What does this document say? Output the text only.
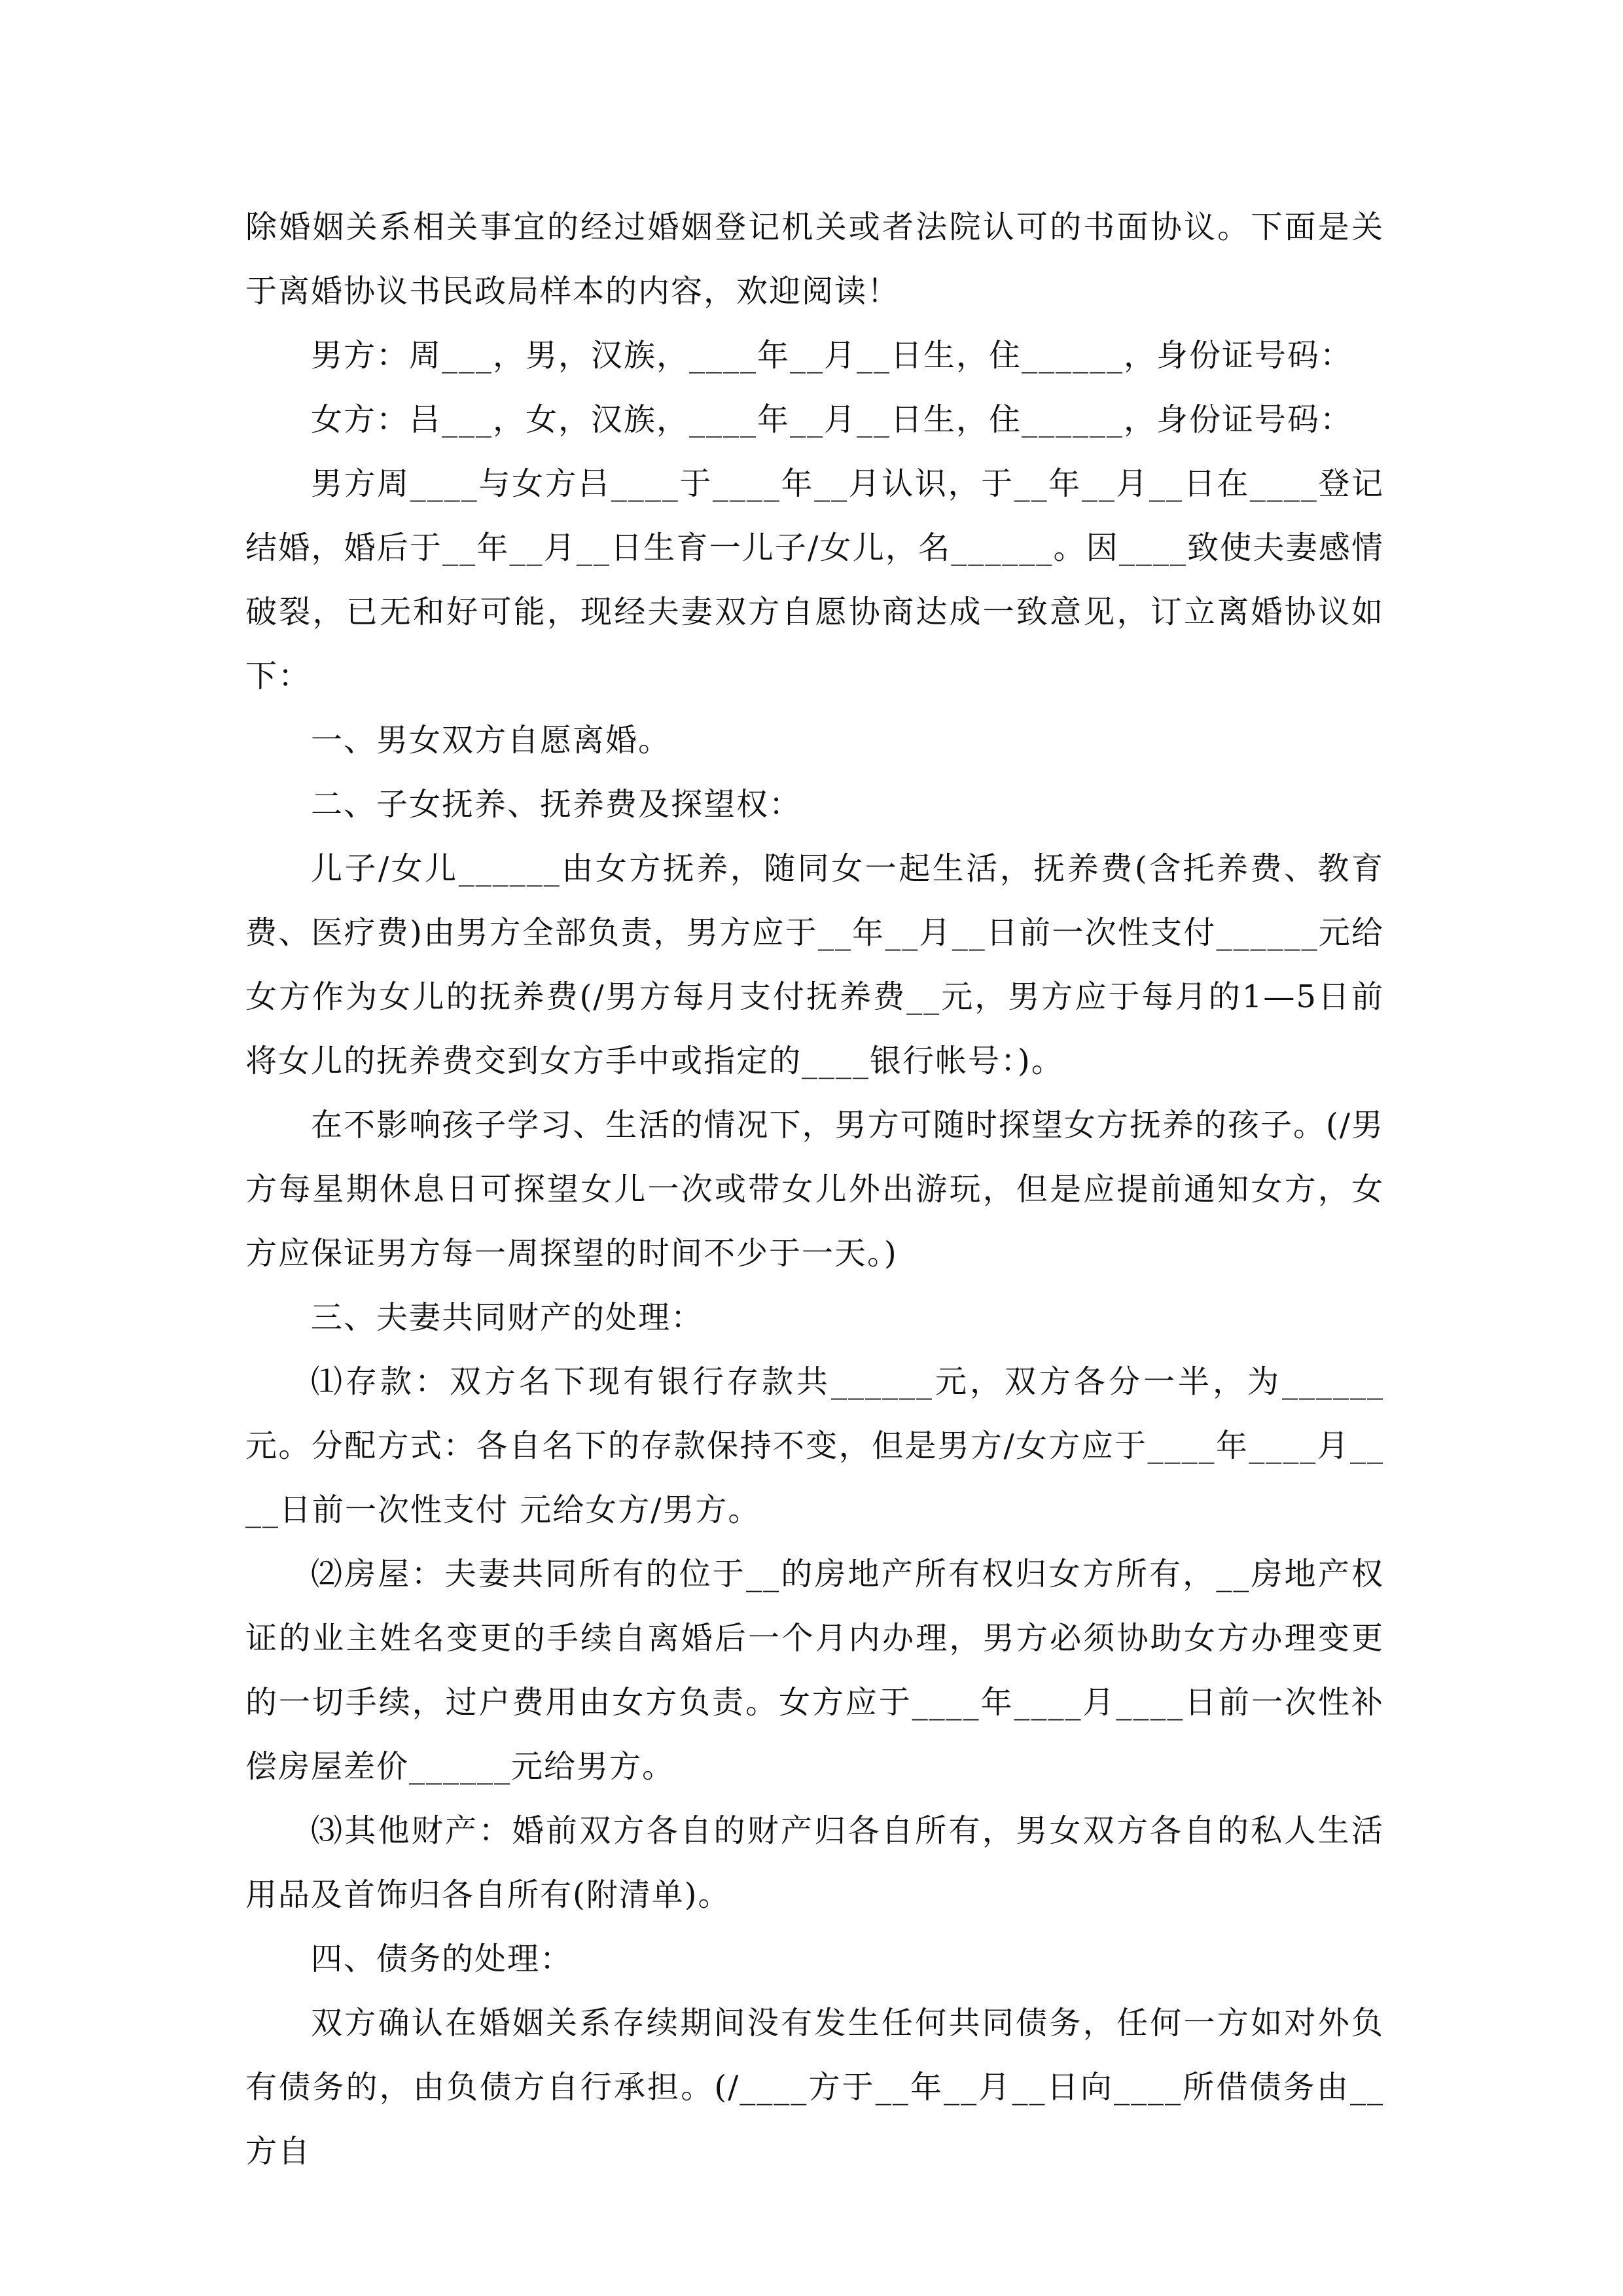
除婚姻关系相关事宜的经过婚姻登记机关或者法院认可的书面协议。下面是关于离婚协议书民政局样本的内容，欢迎阅读！

男方：周___，男，汉族，____年__月__日生，住______，身份证号码：

女方：吕___，女，汉族，____年__月__日生，住______，身份证号码：

男方周____与女方吕____于____年__月认识，于__年__月__日在____登记结婚，婚后于__年__月__日生育一儿子/女儿，名______。因____致使夫妻感情破裂，已无和好可能，现经夫妻双方自愿协商达成一致意见，订立离婚协议如下：

一、男女双方自愿离婚。

二、子女抚养、抚养费及探望权：

儿子/女儿______由女方抚养，随同女一起生活，抚养费(含托养费、教育费、医疗费)由男方全部负责，男方应于__年__月__日前一次性支付______元给女方作为女儿的抚养费(/男方每月支付抚养费__元，男方应于每月的1—5日前将女儿的抚养费交到女方手中或指定的____银行帐号：)。

在不影响孩子学习、生活的情况下，男方可随时探望女方抚养的孩子。(/男方每星期休息日可探望女儿一次或带女儿外出游玩，但是应提前通知女方，女方应保证男方每一周探望的时间不少于一天。)

三、夫妻共同财产的处理：

⑴存款：双方名下现有银行存款共______元，双方各分一半，为______元。分配方式：各自名下的存款保持不变，但是男方/女方应于____年____月____日前一次性支付 元给女方/男方。

⑵房屋：夫妻共同所有的位于__的房地产所有权归女方所有，__房地产权证的业主姓名变更的手续自离婚后一个月内办理，男方必须协助女方办理变更的一切手续，过户费用由女方负责。女方应于____年____月____日前一次性补偿房屋差价______元给男方。

⑶其他财产：婚前双方各自的财产归各自所有，男女双方各自的私人生活用品及首饰归各自所有(附清单)。

四、债务的处理：

双方确认在婚姻关系存续期间没有发生任何共同债务，任何一方如对外负有债务的，由负债方自行承担。(/____方于__年__月__日向____所借债务由__方自
